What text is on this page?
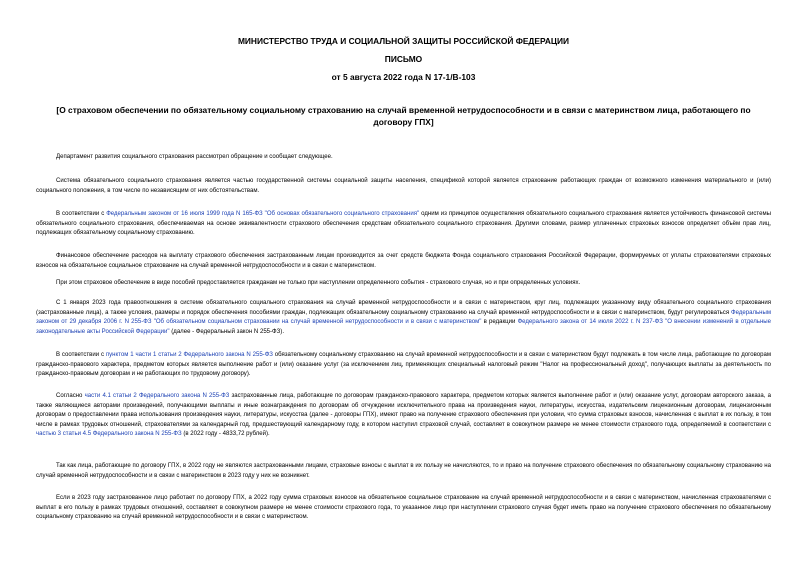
МИНИСТЕРСТВО ТРУДА И СОЦИАЛЬНОЙ ЗАЩИТЫ РОССИЙСКОЙ ФЕДЕРАЦИИ
ПИСЬМО
от 5 августа 2022 года N 17-1/В-103
[О страховом обеспечении по обязательному социальному страхованию на случай временной нетрудоспособности и в связи с материнством лица, работающего по договору ГПХ]

Департамент развития социального страхования рассмотрел обращение и сообщает следующее.

Система обязательного социального страхования является частью государственной системы социальной защиты населения, спецификой которой является страхование работающих граждан от возможного изменения материального и (или) социального положения, в том числе по независящим от них обстоятельствам.

В соответствии с Федеральным законом от 16 июля 1999 года N 165-ФЗ "Об основах обязательного социального страхования" одним из принципов осуществления обязательного социального страхования является устойчивость финансовой системы обязательного социального страхования, обеспечиваемая на основе эквивалентности страхового обеспечения средствам обязательного социального страхования. Другими словами, размер уплаченных страховых взносов определяет объём прав лиц, подлежащих обязательному социальному страхованию.

Финансовое обеспечение расходов на выплату страхового обеспечения застрахованным лицам производится за счет средств бюджета Фонда социального страхования Российской Федерации, формируемых от уплаты страхователями страховых взносов на обязательное социальное страхование на случай временной нетрудоспособности и в связи с материнством.

При этом страховое обеспечение в виде пособий предоставляется гражданам не только при наступлении определенного события - страхового случая, но и при определенных условиях.

С 1 января 2023 года правоотношения в системе обязательного социального страхования на случай временной нетрудоспособности и в связи с материнством, круг лиц, подлежащих указанному виду обязательного социального страхования (застрахованные лица), а также условия, размеры и порядок обеспечения пособиями граждан, подлежащих обязательному социальному страхованию на случай временной нетрудоспособности и в связи с материнством, будут регулироваться Федеральным законом от 29 декабря 2006 г. N 255-ФЗ "Об обязательном социальном страховании на случай временной нетрудоспособности и в связи с материнством" в редакции Федерального закона от 14 июля 2022 г. N 237-ФЗ "О внесении изменений в отдельные законодательные акты Российской Федерации" (далее - Федеральный закон N 255-ФЗ).

В соответствии с пунктом 1 части 1 статьи 2 Федерального закона N 255-ФЗ обязательному социальному страхованию на случай временной нетрудоспособности и в связи с материнством будут подлежать в том числе лица, работающие по договорам гражданско-правового характера, предметом которых является выполнение работ и (или) оказание услуг (за исключением лиц, применяющих специальный налоговый режим "Налог на профессиональный доход", получающих выплаты за деятельность по гражданско-правовым договорам и не работающих по трудовому договору).

Согласно части 4.1 статьи 2 Федерального закона N 255-ФЗ застрахованные лица, работающие по договорам гражданско-правового характера, предметом которых является выполнение работ и (или) оказание услуг, договорам авторского заказа, а также являющиеся авторами произведений, получающими выплаты и иные вознаграждения по договорам об отчуждении исключительного права на произведения науки, литературы, искусства, издательским лицензионным договорам, лицензионным договорам о предоставлении права использования произведения науки, литературы, искусства (далее - договоры ГПХ), имеют право на получение страхового обеспечения при условии, что сумма страховых взносов, начисленная с выплат в их пользу, в том числе в рамках трудовых отношений, страхователями за календарный год, предшествующий календарному году, в котором наступил страховой случай, составляет в совокупном размере не менее стоимости страхового года, определяемой в соответствии с частью 3 статьи 4.5 Федерального закона N 255-ФЗ (в 2022 году - 4833,72 рублей).

Так как лица, работающие по договору ГПХ, в 2022 году не являются застрахованными лицами, страховые взносы с выплат в их пользу не начисляются, то и право на получение страхового обеспечения по обязательному социальному страхованию на случай временной нетрудоспособности и в связи с материнством в 2023 году у них не возникнет.

Если в 2023 году застрахованное лицо работает по договору ГПХ, а 2022 году сумма страховых взносов на обязательное социальное страхование на случай временной нетрудоспособности и в связи с материнством, начисленная страхователями с выплат в его пользу в рамках трудовых отношений, составляет в совокупном размере не менее стоимости страхового года, то указанное лицо при наступлении страхового случая будет иметь право на получение страхового обеспечения по обязательному социальному страхованию на случай временной нетрудоспособности и в связи с материнством.
